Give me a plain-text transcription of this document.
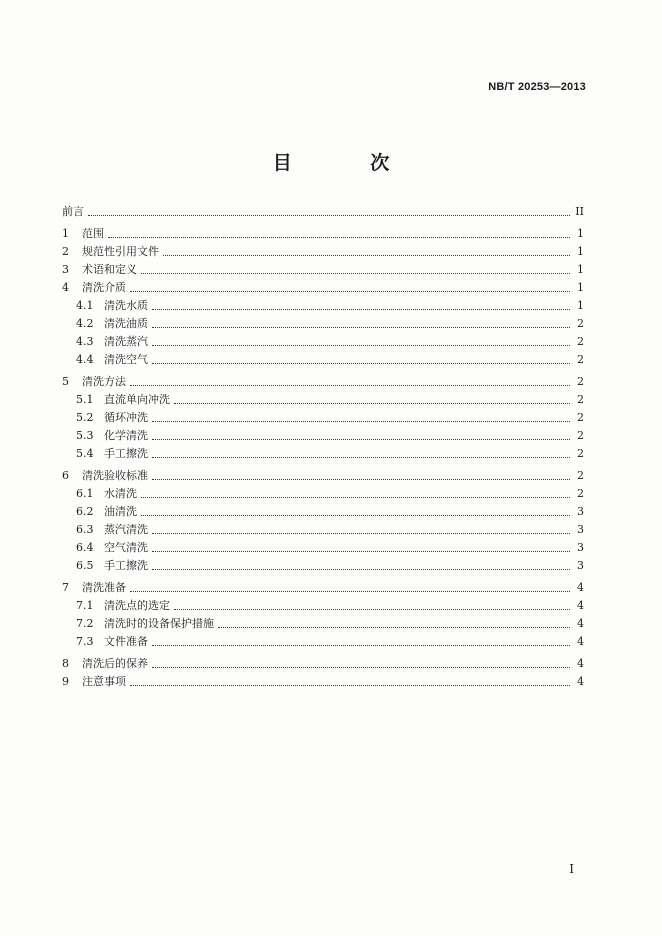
NB/T 20253—2013
目 次
前言	II
1	范围	1
2	规范性引用文件	1
3	术语和定义	1
4	清洗介质	1
4.1 清洗水质	1
4.2 清洗油质	2
4.3 清洗蒸汽	2
4.4 清洗空气	2
5	清洗方法	2
5.1 直流单向冲洗	2
5.2 循环冲洗	2
5.3 化学清洗	2
5.4 手工擦洗	2
6	清洗验收标准	2
6.1 水清洗	2
6.2 油清洗	3
6.3 蒸汽清洗	3
6.4 空气清洗	3
6.5 手工擦洗	3
7	清洗准备	4
7.1 清洗点的选定	4
7.2 清洗时的设备保护措施	4
7.3 文件准备	4
8	清洗后的保养	4
9	注意事项	4
I
